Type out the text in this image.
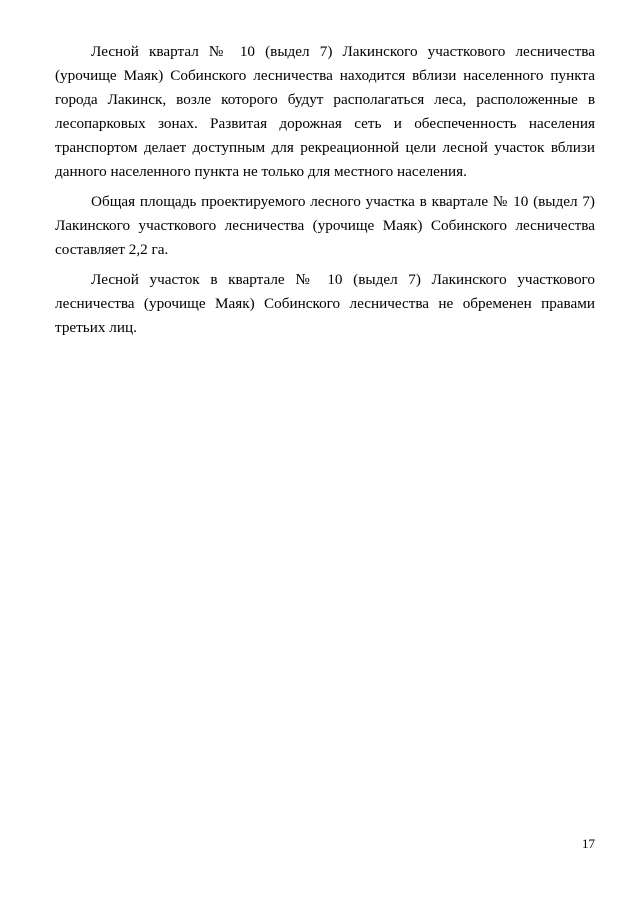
Лесной квартал № 10 (выдел 7) Лакинского участкового лесничества (урочище Маяк) Собинского лесничества находится вблизи населенного пункта города Лакинск, возле которого будут располагаться леса, расположенные в лесопарковых зонах. Развитая дорожная сеть и обеспеченность населения транспортом делает доступным для рекреационной цели лесной участок вблизи данного населенного пункта не только для местного населения.

Общая площадь проектируемого лесного участка в квартале № 10 (выдел 7) Лакинского участкового лесничества (урочище Маяк) Собинского лесничества составляет 2,2 га.

Лесной участок в квартале № 10 (выдел 7) Лакинского участкового лесничества (урочище Маяк) Собинского лесничества не обременен правами третьих лиц.

17
